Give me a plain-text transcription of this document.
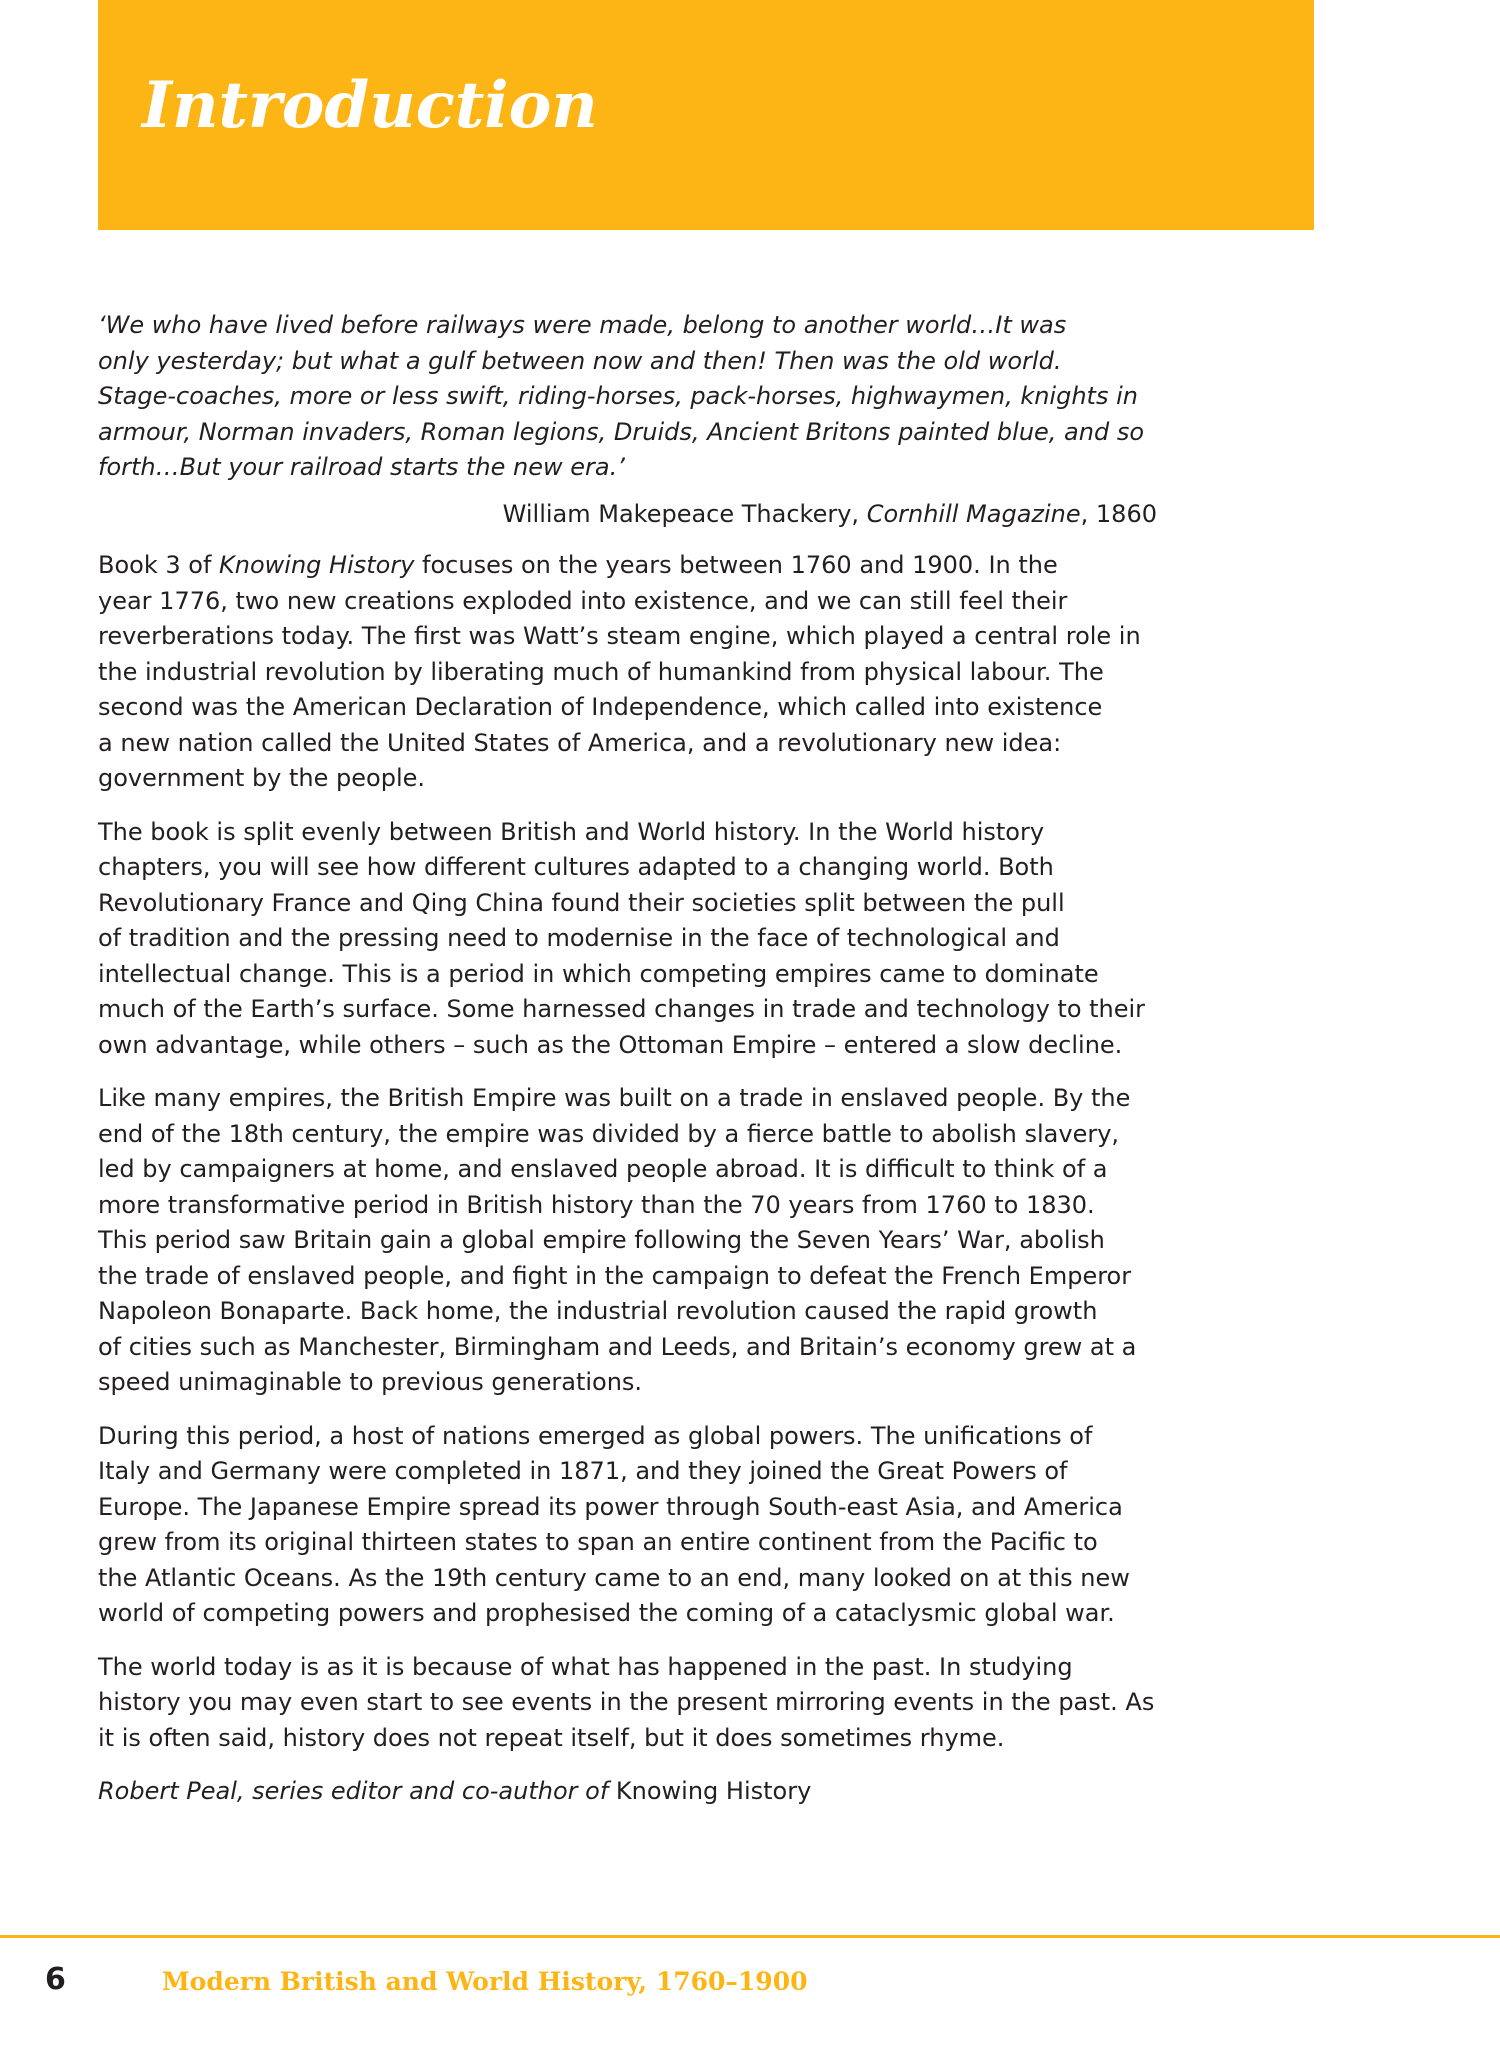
Introduction

‘We who have lived before railways were made, belong to another world…It was

only yesterday; but what a gulf between now and then! Then was the old world.

Stage-coaches, more or less swift, riding-horses, pack-horses, highwaymen, knights in

armour, Norman invaders, Roman legions, Druids, Ancient Britons painted blue, and so

forth…But your railroad starts the new era.’

William Makepeace Thackery, Cornhill Magazine, 1860
Book 3 of Knowing History focuses on the years between 1760 and 1900. In the
year 1776, two new creations exploded into existence, and we can still feel their
reverberations today. The first was Watt’s steam engine, which played a central role in
the industrial revolution by liberating much of humankind from physical labour. The
second was the American Declaration of Independence, which called into existence
a new nation called the United States of America, and a revolutionary new idea:
government by the people.
The book is split evenly between British and World history. In the World history
chapters, you will see how different cultures adapted to a changing world. Both
Revolutionary France and Qing China found their societies split between the pull
of tradition and the pressing need to modernise in the face of technological and
intellectual change. This is a period in which competing empires came to dominate
much of the Earth’s surface. Some harnessed changes in trade and technology to their
own advantage, while others – such as the Ottoman Empire – entered a slow decline.
Like many empires, the British Empire was built on a trade in enslaved people. By the
end of the 18th century, the empire was divided by a fierce battle to abolish slavery,
led by campaigners at home, and enslaved people abroad. It is difficult to think of a
more transformative period in British history than the 70 years from 1760 to 1830.
This period saw Britain gain a global empire following the Seven Years’ War, abolish
the trade of enslaved people, and fight in the campaign to defeat the French Emperor
Napoleon Bonaparte. Back home, the industrial revolution caused the rapid growth
of cities such as Manchester, Birmingham and Leeds, and Britain’s economy grew at a
speed unimaginable to previous generations.
During this period, a host of nations emerged as global powers. The unifications of
Italy and Germany were completed in 1871, and they joined the Great Powers of
Europe. The Japanese Empire spread its power through South-east Asia, and America
grew from its original thirteen states to span an entire continent from the Pacific to
the Atlantic Oceans. As the 19th century came to an end, many looked on at this new
world of competing powers and prophesised the coming of a cataclysmic global war.
The world today is as it is because of what has happened in the past. In studying
history you may even start to see events in the present mirroring events in the past. As
it is often said, history does not repeat itself, but it does sometimes rhyme.
Robert Peal, series editor and co-author of Knowing History
6	Modern British and World History, 1760–1900
